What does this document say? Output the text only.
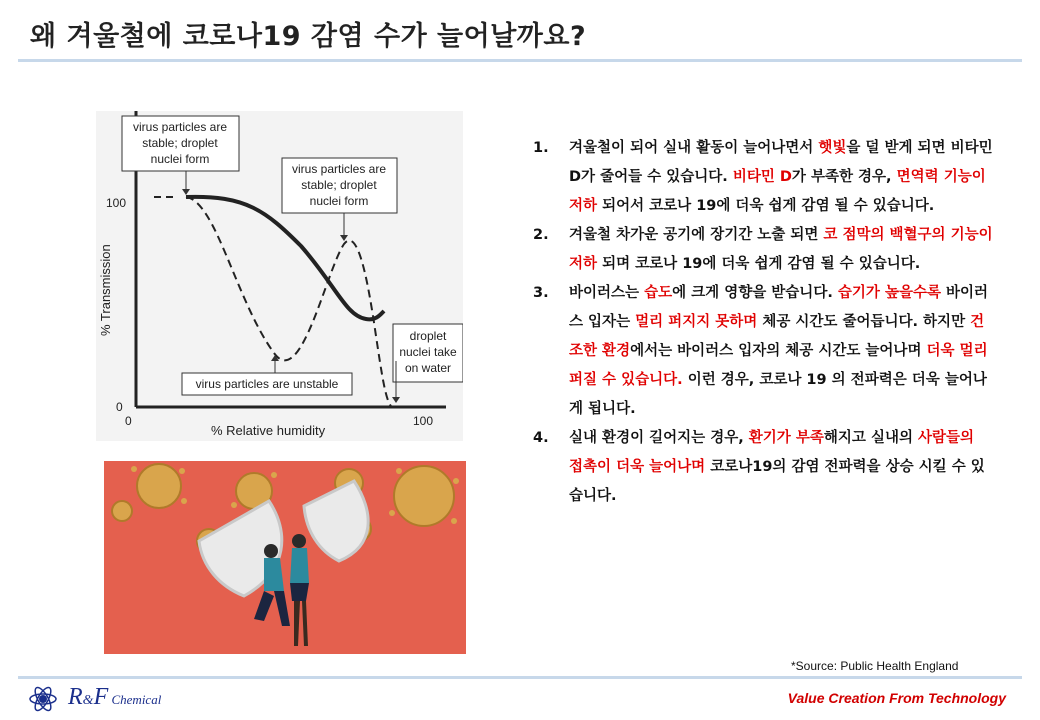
왜 겨울철에 코로나19 감염 수가 늘어날까요?
% Transmission
100
0
0	100
% Relative humidity
virus particles are
stable; droplet
nuclei form
virus particles are
stable; droplet
nuclei form
virus particles are unstable
droplet
nuclei take
on water
1. 겨울철이 되어 실내 활동이 늘어나면서 햇빛을 덜 받게 되면 비타민 D가 줄어들 수 있습니다. 비타민 D가 부족한 경우, 면역력 기능이 저하 되어서 코로나 19에 더욱 쉽게 감염 될 수 있습니다.
2. 겨울철 차가운 공기에 장기간 노출 되면 코 점막의 백혈구의 기능이 저하 되며 코로나 19에 더욱 쉽게 감염 될 수 있습니다.
3. 바이러스는 습도에 크게 영향을 받습니다. 습기가 높을수록 바이러스 입자는 멀리 퍼지지 못하며 체공 시간도 줄어듭니다. 하지만 건조한 환경에서는 바이러스 입자의 체공 시간도 늘어나며 더욱 멀리 퍼질 수 있습니다. 이런 경우, 코로나 19 의 전파력은 더욱 늘어나게 됩니다.
4. 실내 환경이 길어지는 경우, 환기가 부족해지고 실내의 사람들의 접촉이 더욱 늘어나며 코로나19의 감염 전파력을 상승 시킬 수 있습니다.
*Source: Public Health England
R&F Chemical	Value Creation From Technology
